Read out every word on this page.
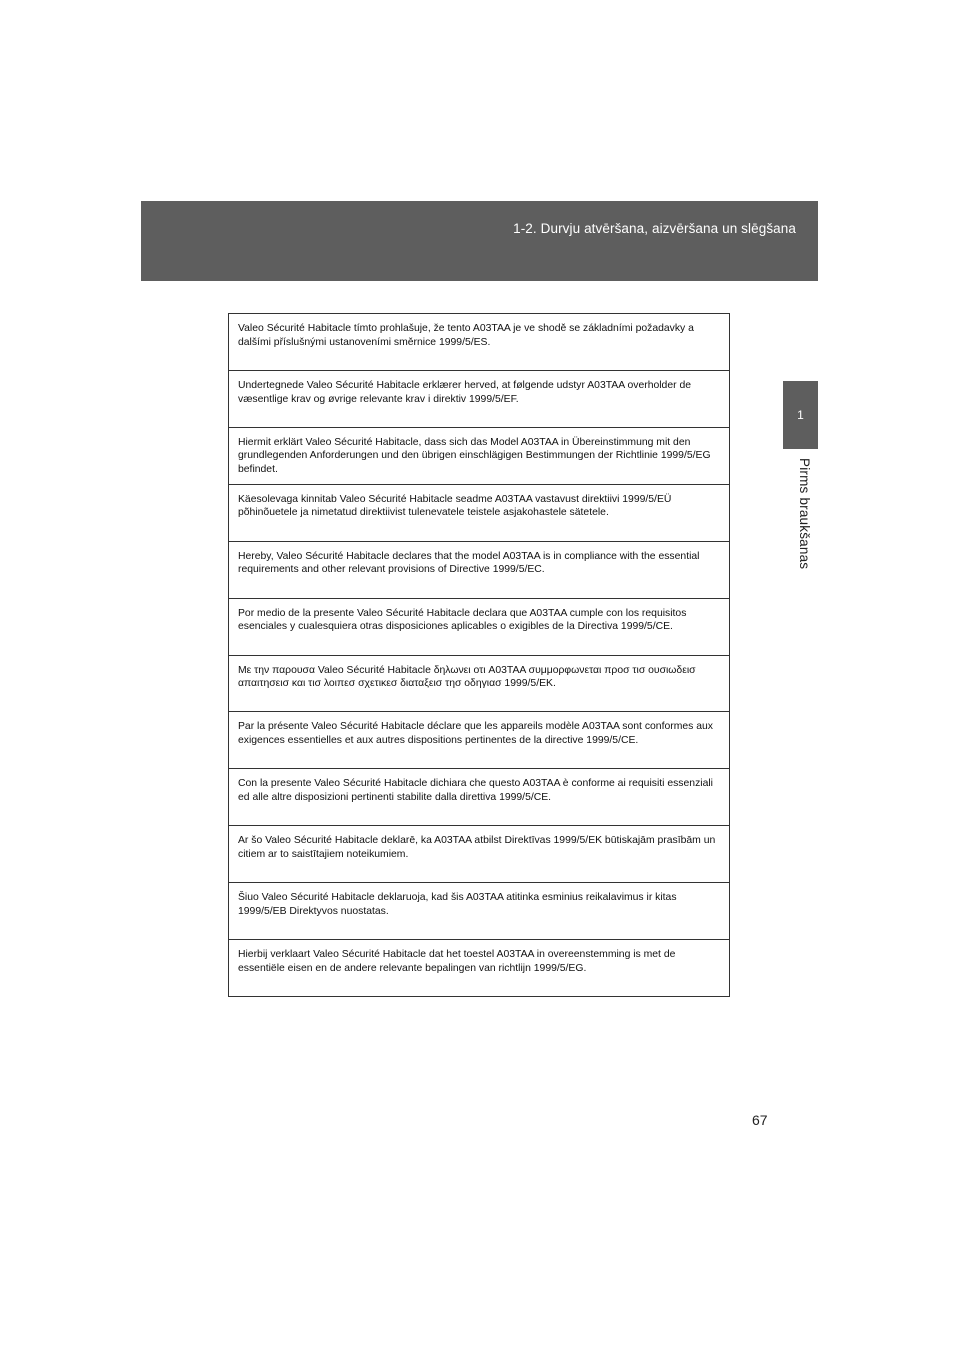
1-2. Durvju atvēršana, aizvēršana un slēgšana
1
Pirms braukšanas
Valeo Sécurité Habitacle tímto prohlašuje, že tento A03TAA je ve shodě se základními požadavky a dalšími příslušnými ustanoveními směrnice 1999/5/ES.
Undertegnede Valeo Sécurité Habitacle erklærer herved, at følgende udstyr A03TAA overholder de væsentlige krav og øvrige relevante krav i direktiv 1999/5/EF.
Hiermit erklärt Valeo Sécurité Habitacle, dass sich das Model A03TAA in Übereinstimmung mit den grundlegenden Anforderungen und den übrigen einschlägigen Bestimmungen der Richtlinie 1999/5/EG befindet.
Käesolevaga kinnitab Valeo Sécurité Habitacle seadme A03TAA vastavust direktiivi 1999/5/EÜ põhinõuetele ja nimetatud direktiivist tulenevatele teistele asjakohastele sätetele.
Hereby, Valeo Sécurité Habitacle declares that the model A03TAA is in compliance with the essential requirements and other relevant provisions of Directive 1999/5/EC.
Por medio de la presente Valeo Sécurité Habitacle declara que A03TAA cumple con los requisitos esenciales y cualesquiera otras disposiciones aplicables o exigibles de la Directiva 1999/5/CE.
Με την παρουσα Valeo Sécurité Habitacle δηλωνει οτι A03TAA συμμορφωνεται προσ τισ ουσιωδεισ απαιτησεισ και τισ λοιπεσ σχετικεσ διαταξεισ τησ οδηγιασ 1999/5/ΕΚ.
Par la présente Valeo Sécurité Habitacle déclare que les appareils modèle A03TAA sont conformes aux exigences essentielles et aux autres dispositions pertinentes de la directive 1999/5/CE.
Con la presente Valeo Sécurité Habitacle dichiara che questo A03TAA è conforme ai requisiti essenziali ed alle altre disposizioni pertinenti stabilite dalla direttiva 1999/5/CE.
Ar šo Valeo Sécurité Habitacle deklarē, ka A03TAA atbilst Direktīvas 1999/5/EK būtiskajām prasībām un citiem ar to saistītajiem noteikumiem.
Šiuo Valeo Sécurité Habitacle deklaruoja, kad šis A03TAA atitinka esminius reikalavimus ir kitas 1999/5/EB Direktyvos nuostatas.
Hierbij verklaart Valeo Sécurité Habitacle dat het toestel A03TAA in overeenstemming is met de essentiële eisen en de andere relevante bepalingen van richtlijn 1999/5/EG.
67
